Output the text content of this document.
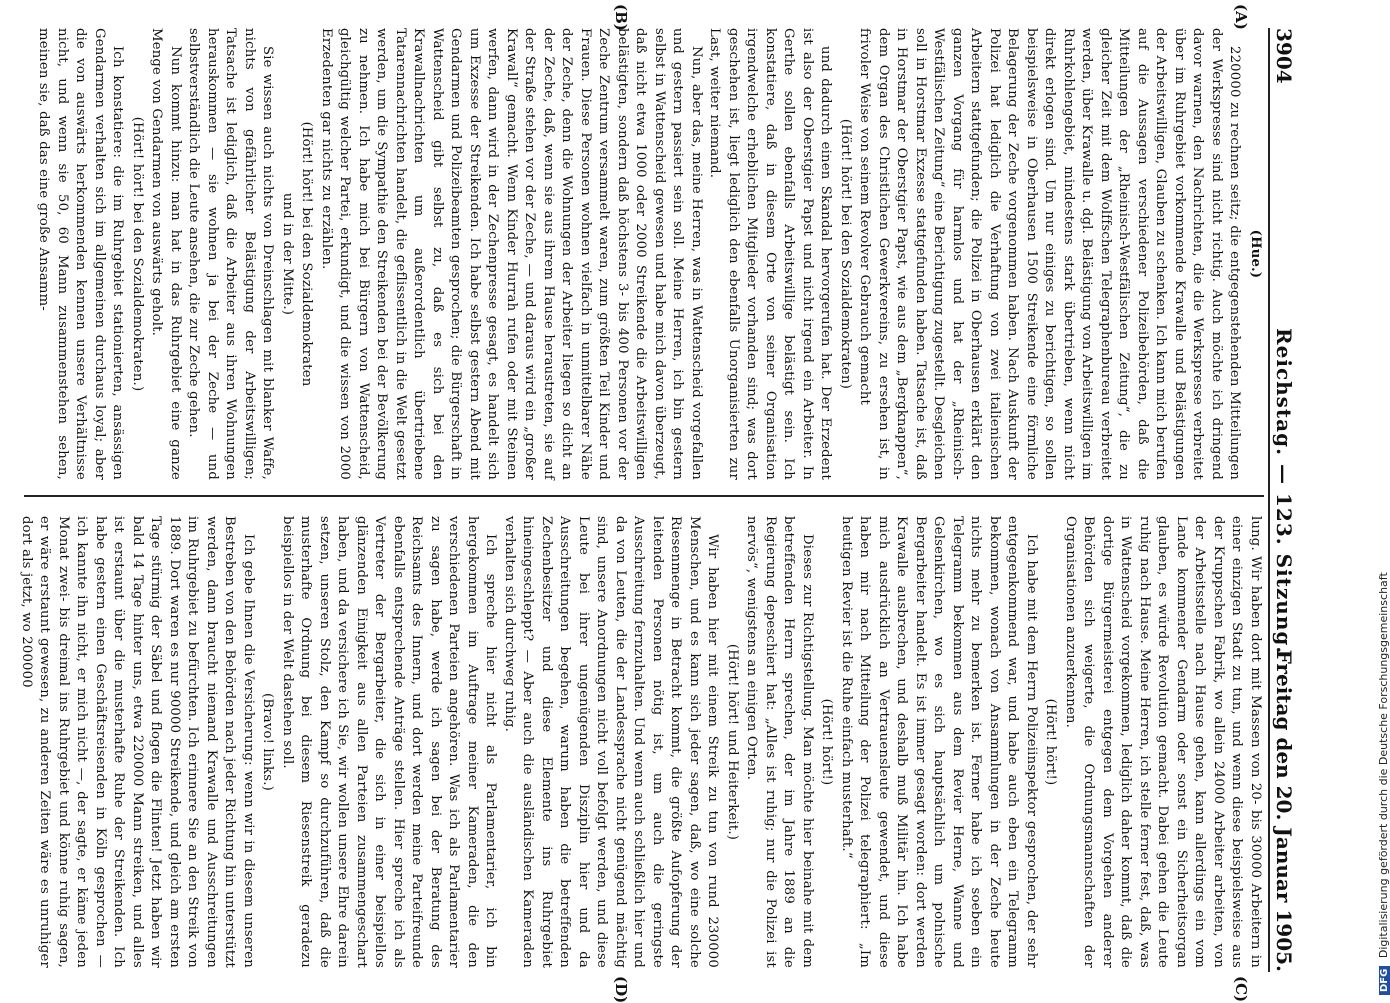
3904
Reichstag. — 123. Sitzung.
Freitag den 20. Januar 1905.
(A)
(B)
(C)
(D)

(Hue.)

220000 zu rechnen seitz; die entgegenstehenden Mitteilungen der Werkspresse sind nicht richtig. Auch möchte ich dringend davor warnen, den Nachrichten, die die Werkspresse verbreitet über im Ruhrgebiet vorkommende Krawalle und Belästigungen der Arbeitswilligen, Glauben zu schenken. Ich kann mich berufen auf die Aussagen verschiedener Polizeibehörden, daß die Mitteilungen der „Rheinisch-Westfälischen Zeitung“, die zu gleicher Zeit mit dem Wolffschen Telegraphenbureau verbreitet werden, über Krawalle u. dgl. Belästigung von Arbeitswilligen im Ruhrkohlengebiet, mindestens stark übertrieben, wenn nicht direkt erlogen sind. Um nur einiges zu berichtigen, so sollen beispielsweise in Oberhausen 1500 Streikende eine förmliche Belagerung der Zeche vorgenommen haben. Nach Auskunft der Polizei hat lediglich die Verhaftung von zwei italienischen Arbeitern stattgefunden; die Polizei in Oberhausen erklärt den ganzen Vorgang für harmlos und hat der „Rheinisch-Westfälischen Zeitung“ eine Berichtigung zugestellt. Desgleichen soll in Horstmar Exzesse stattgefunden haben. Tatsache ist, daß in Horstmar der Oberstgier Papst, wie aus dem „Bergknappen“, dem Organ des Christlichen Gewerkvereins, zu ersehen ist, in frivoler Weise von seinem Revolver Gebrauch gemacht

(Hört! hört! bei den Sozialdemokraten)

und dadurch einen Skandal hervorgerufen hat. Der Erzedent ist also der Oberstgier Papst und nicht irgend ein Arbeiter. In Gerthe sollen ebenfalls Arbeitswillige belästigt sein. Ich konstatiere, daß in diesem Orte von seiner Organisation irgendwelche erheblichen Mitglieder vorhanden sind; was dort geschehen ist, liegt lediglich den ebenfalls Unorganisierten zur Last, weiter niemand.

Nun, aber das, meine Herren, was in Wattenscheid vorgefallen und gestern passiert sein soll. Meine Herren, ich bin gestern selbst in Wattenscheid gewesen und habe mich davon überzeugt, daß nicht etwa 1000 oder 2000 Streikende die Arbeitswilligen belästigten, sondern daß höchstens 3- bis 400 Personen vor der Zeche Zentrum versammelt waren, zum größten Teil Kinder und Frauen. Diese Personen wohnen vielfach in unmittelbarer Nähe der Zeche, denn die Wohnungen der Arbeiter liegen so dicht an der Zeche, daß, wenn sie aus ihrem Hause heraustreten, sie auf der Straße stehen vor der Zeche, — und daraus wird ein „großer Krawall“ gemacht. Wenn Kinder Hurrah rufen oder mit Steinen werfen, dann wird in der Zechenpresse gesagt, es handelt sich um Exzesse der Streikenden. Ich habe selbst gestern Abend mit Gendarmen und Polizeibeamten gesprochen; die Bürgerschaft in Wattenscheid gibt selbst zu, daß es sich bei den Krawallnachrichten um außerordentlich übertriebene Tatarennachrichten handelt, die geflissentlich in die Welt gesetzt werden, um die Sympathie den Streikenden bei der Bevölkerung zu nehmen. Ich habe mich bei Bürgern von Wattenscheid, gleichgültig welcher Partei, erkundigt, und die wissen von 2000 Erzedenten gar nichts zu erzählen.

(Hört! hört! bei den Sozialdemokraten

und in der Mitte.)

Sie wissen auch nichts von Dreinschlagen mit blanker Waffe, nichts von gefährlicher Belästigung der Arbeitswilligen; Tatsache ist lediglich, daß die Arbeiter aus ihren Wohnungen herauskommen — sie wohnen ja bei der Zeche — und selbstverständlich die Leute ansehen, die zur Zeche gehen.

Nun kommt hinzu: man hat in das Ruhrgebiet eine ganze Menge von Gendarmen von auswärts geholt.

(Hört! hört! bei den Sozialdemokraten.)

Ich konstatiere: die im Ruhrgebiet stationierten, ansässigen Gendarmen verhalten sich im allgemeinen durchaus loyal; aber die von auswärts herkommenden kennen unsere Verhältnisse nicht, und wenn sie 50, 60 Mann zusammenstehen sehen, meinen sie, daß das eine große Ansamm-

lung. Wir haben dort mit Massen von 20- bis 30000 Arbeitern in einer einzigen Stadt zu tun, und wenn diese beispielsweise aus der Kruppschen Fabrik, wo allein 24000 Arbeiter arbeiten, von der Arbeitsstelle nach Hause gehen, kann allerdings ein vom Lande kommender Gendarm oder sonst ein Sicherheitsorgan glauben, es würde Revolution gemacht. Dabei gehen die Leute ruhig nach Hause. Meine Herren, ich stelle ferner fest, daß, was in Wattenscheid vorgekommen, lediglich daher kommt, daß die dortige Bürgermeisterei entgegen dem Vorgehen anderer Behörden sich weigerte, die Ordnungsmannschaften der Organisationen anzuerkennen.

(Hört! hört!)

Ich habe mit dem Herrn Polizeiinspektor gesprochen, der sehr entgegenkommend war, und habe auch eben ein Telegramm bekommen, wonach von Ansammlungen in der Zeche heute nichts mehr zu bemerken ist. Ferner habe ich soeben ein Telegramm bekommen aus dem Revier Herne, Wanne und Gelsenkirchen, wo es sich hauptsächlich um polnische Bergarbeiter handelt. Es ist immer gesagt worden: dort werden Krawalle ausbrechen, und deshalb muß Militär hin. Ich habe mich ausdrücklich an Vertrauensleute gewendet, und diese haben mir nach Mitteilung der Polizei telegraphiert: „Im heutigen Revier ist die Ruhe einfach musterhaft.“

(Hört! hört!)

Dieses zur Richtigstellung. Man möchte hier beinahe mit dem betreffenden Herrn sprechen, der im Jahre 1889 an die Regierung depeschiert hat: „Alles ist ruhig; nur die Polizei ist nervös“, wenigstens an einigen Orten.

(Hört! hört! und Heiterkeit.)

Wir haben hier mit einem Streik zu tun von rund 230000 Menschen, und es kann sich jeder sagen, daß, wo eine solche Riesenmenge in Betracht kommt, die größte Aufopferung der leitenden Personen nötig ist, um auch die geringste Ausschreitung fernzuhalten. Und wenn auch schließlich hier und da von Leuten, die der Landessprache nicht genügend mächtig sind, unsere Anordnungen nicht voll befolgt werden, und diese Leute bei ihrer ungenügenden Disziplin hier und da Ausschreitungen begehen, warum haben die betreffenden Zechenbesitzer und diese Elemente ins Ruhrgebiet hineingeschleppt? — Aber auch die ausländischen Kameraden verhalten sich durchweg ruhig.

Ich spreche hier nicht als Parlamentarier, ich bin hergekommen im Auftrage meiner Kameraden, die den verschiedenen Parteien angehören. Was ich als Parlamentarier zu sagen habe, werde ich sagen bei der Beratung des Reichsamts des Innern, und dort werden meine Parteifreunde ebenfalls entsprechende Anträge stellen. Hier spreche ich als Vertreter der Bergarbeiter, die sich in einer beispiellos glänzenden Einigkeit aus allen Parteien zusammengeschart haben, und da versichere ich Sie, wir wollen unsere Ehre darein setzen, unseren Stolz, den Kampf so durchzuführen, daß die musterhafte Ordnung bei diesem Riesenstreik geradezu beispiellos in der Welt dastehen soll.

(Bravo! links.)

Ich gebe Ihnen die Versicherung: wenn wir in diesem unseren Bestreben von den Behörden nach jeder Richtung hin unterstützt werden, dann braucht niemand Krawalle und Ausschreitungen im Ruhrgebiet zu befürchten. Ich erinnere Sie an den Streik von 1889. Dort waren es nur 90000 Streikende, und gleich am ersten Tage stürmig der Säbel und flogen die Flinten! Jetzt haben wir bald 14 Tage hinter uns, etwa 220000 Mann streiken, und alles ist erstaunt über die musterhafte Ruhe der Streikenden. Ich habe gestern einen Geschäftsreisenden in Köln gesprochen — ich kannte ihn nicht, er mich nicht —, der sagte, er käme jeden Monat zwei- bis dreimal ins Ruhrgebiet und könne ruhig sagen, er wäre erstaunt gewesen, zu anderen Zeiten wäre es unruhiger dort als jetzt, wo 200000

DFG Digitalisierung gefördert durch die Deutsche Forschungsgemeinschaft
